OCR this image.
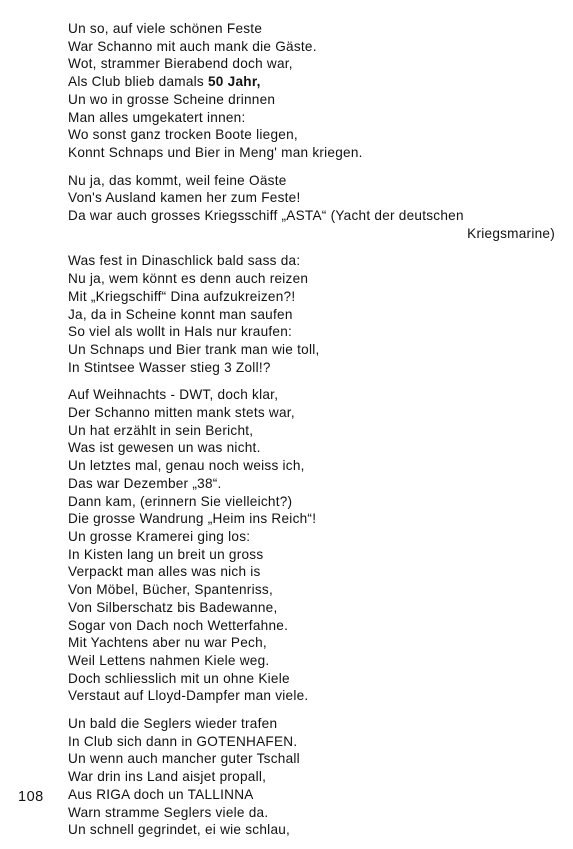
Un so, auf viele schönen Feste
War Schanno mit auch mank die Gäste.
Wot, strammer Bierabend doch war,
Als Club blieb damals 50 Jahr,
Un wo in grosse Scheine drinnen
Man alles umgekatert innen:
Wo sonst ganz trocken Boote liegen,
Konnt Schnaps und Bier in Meng' man kriegen.
Nu ja, das kommt, weil feine Oäste
Von's Ausland kamen her zum Feste!
Da war auch grosses Kriegsschiff „ASTA“ (Yacht der deutschen
Kriegsmarine)
Was fest in Dinaschlick bald sass da:
Nu ja, wem könnt es denn auch reizen
Mit „Kriegschiff“ Dina aufzukreizen?!
Ja, da in Scheine konnt man saufen
So viel als wollt in Hals nur kraufen:
Un Schnaps und Bier trank man wie toll,
In Stintsee Wasser stieg 3 Zoll!?
Auf Weihnachts - DWT, doch klar,
Der Schanno mitten mank stets war,
Un hat erzählt in sein Bericht,
Was ist gewesen un was nicht.
Un letztes mal, genau noch weiss ich,
Das war Dezember „38“.
Dann kam, (erinnern Sie vielleicht?)
Die grosse Wandrung „Heim ins Reich“!
Un grosse Kramerei ging los:
In Kisten lang un breit un gross
Verpackt man alles was nich is
Von Möbel, Bücher, Spantenriss,
Von Silberschatz bis Badewanne,
Sogar von Dach noch Wetterfahne.
Mit Yachtens aber nu war Pech,
Weil Lettens nahmen Kiele weg.
Doch schliesslich mit un ohne Kiele
Verstaut auf Lloyd-Dampfer man viele.
Un bald die Seglers wieder trafen
In Club sich dann in GOTENHAFEN.
Un wenn auch mancher guter Tschall
War drin ins Land aisjet propall,
Aus RIGA doch un TALLINNA
Warn stramme Seglers viele da.
Un schnell gegrindet, ei wie schlau,
108
